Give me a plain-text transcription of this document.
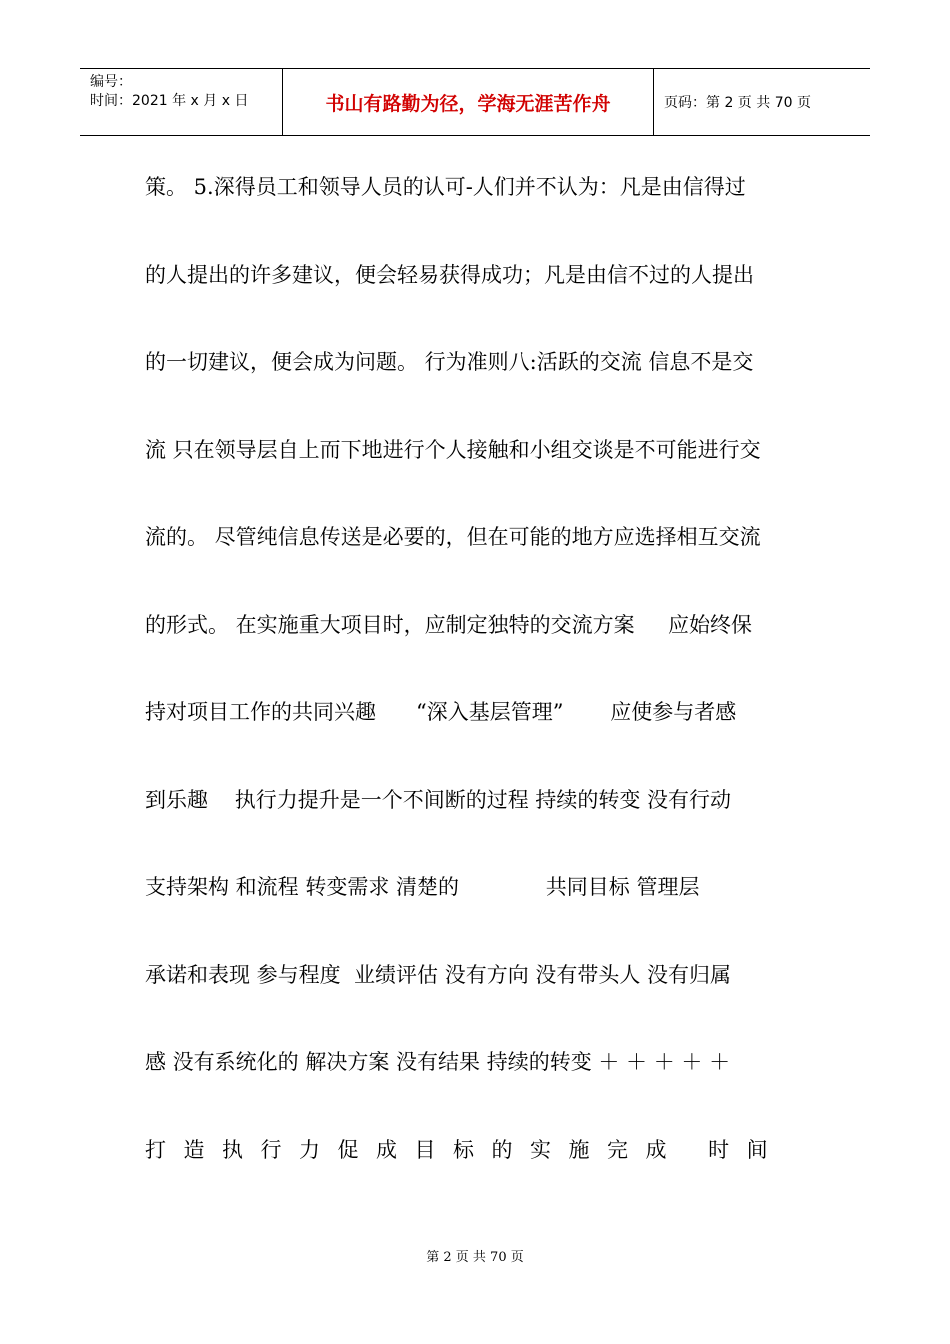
编号：
时间：2021 年 x 月 x 日	书山有路勤为径，学海无涯苦作舟	页码：第 2 页 共 70 页
策。 5.深得员工和领导人员的认可-人们并不认为：凡是由信得过
的人提出的许多建议，便会轻易获得成功；凡是由信不过的人提出
的一切建议，便会成为问题。 行为准则八:活跃的交流 信息不是交
流 只在领导层自上而下地进行个人接触和小组交谈是不可能进行交
流的。 尽管纯信息传送是必要的，但在可能的地方应选择相互交流
的形式。 在实施重大项目时，应制定独特的交流方案     应始终保
持对项目工作的共同兴趣      “深入基层管理”       应使参与者感
到乐趣    执行力提升是一个不间断的过程 持续的转变 没有行动
支持架构 和流程 转变需求 清楚的             共同目标 管理层
承诺和表现 参与程度  业绩评估 没有方向 没有带头人 没有归属
感 没有系统化的 解决方案 没有结果 持续的转变 ＋ ＋ ＋ ＋ ＋
打造执行力促成目标的实施完成 时间
第 2 页 共 70 页
